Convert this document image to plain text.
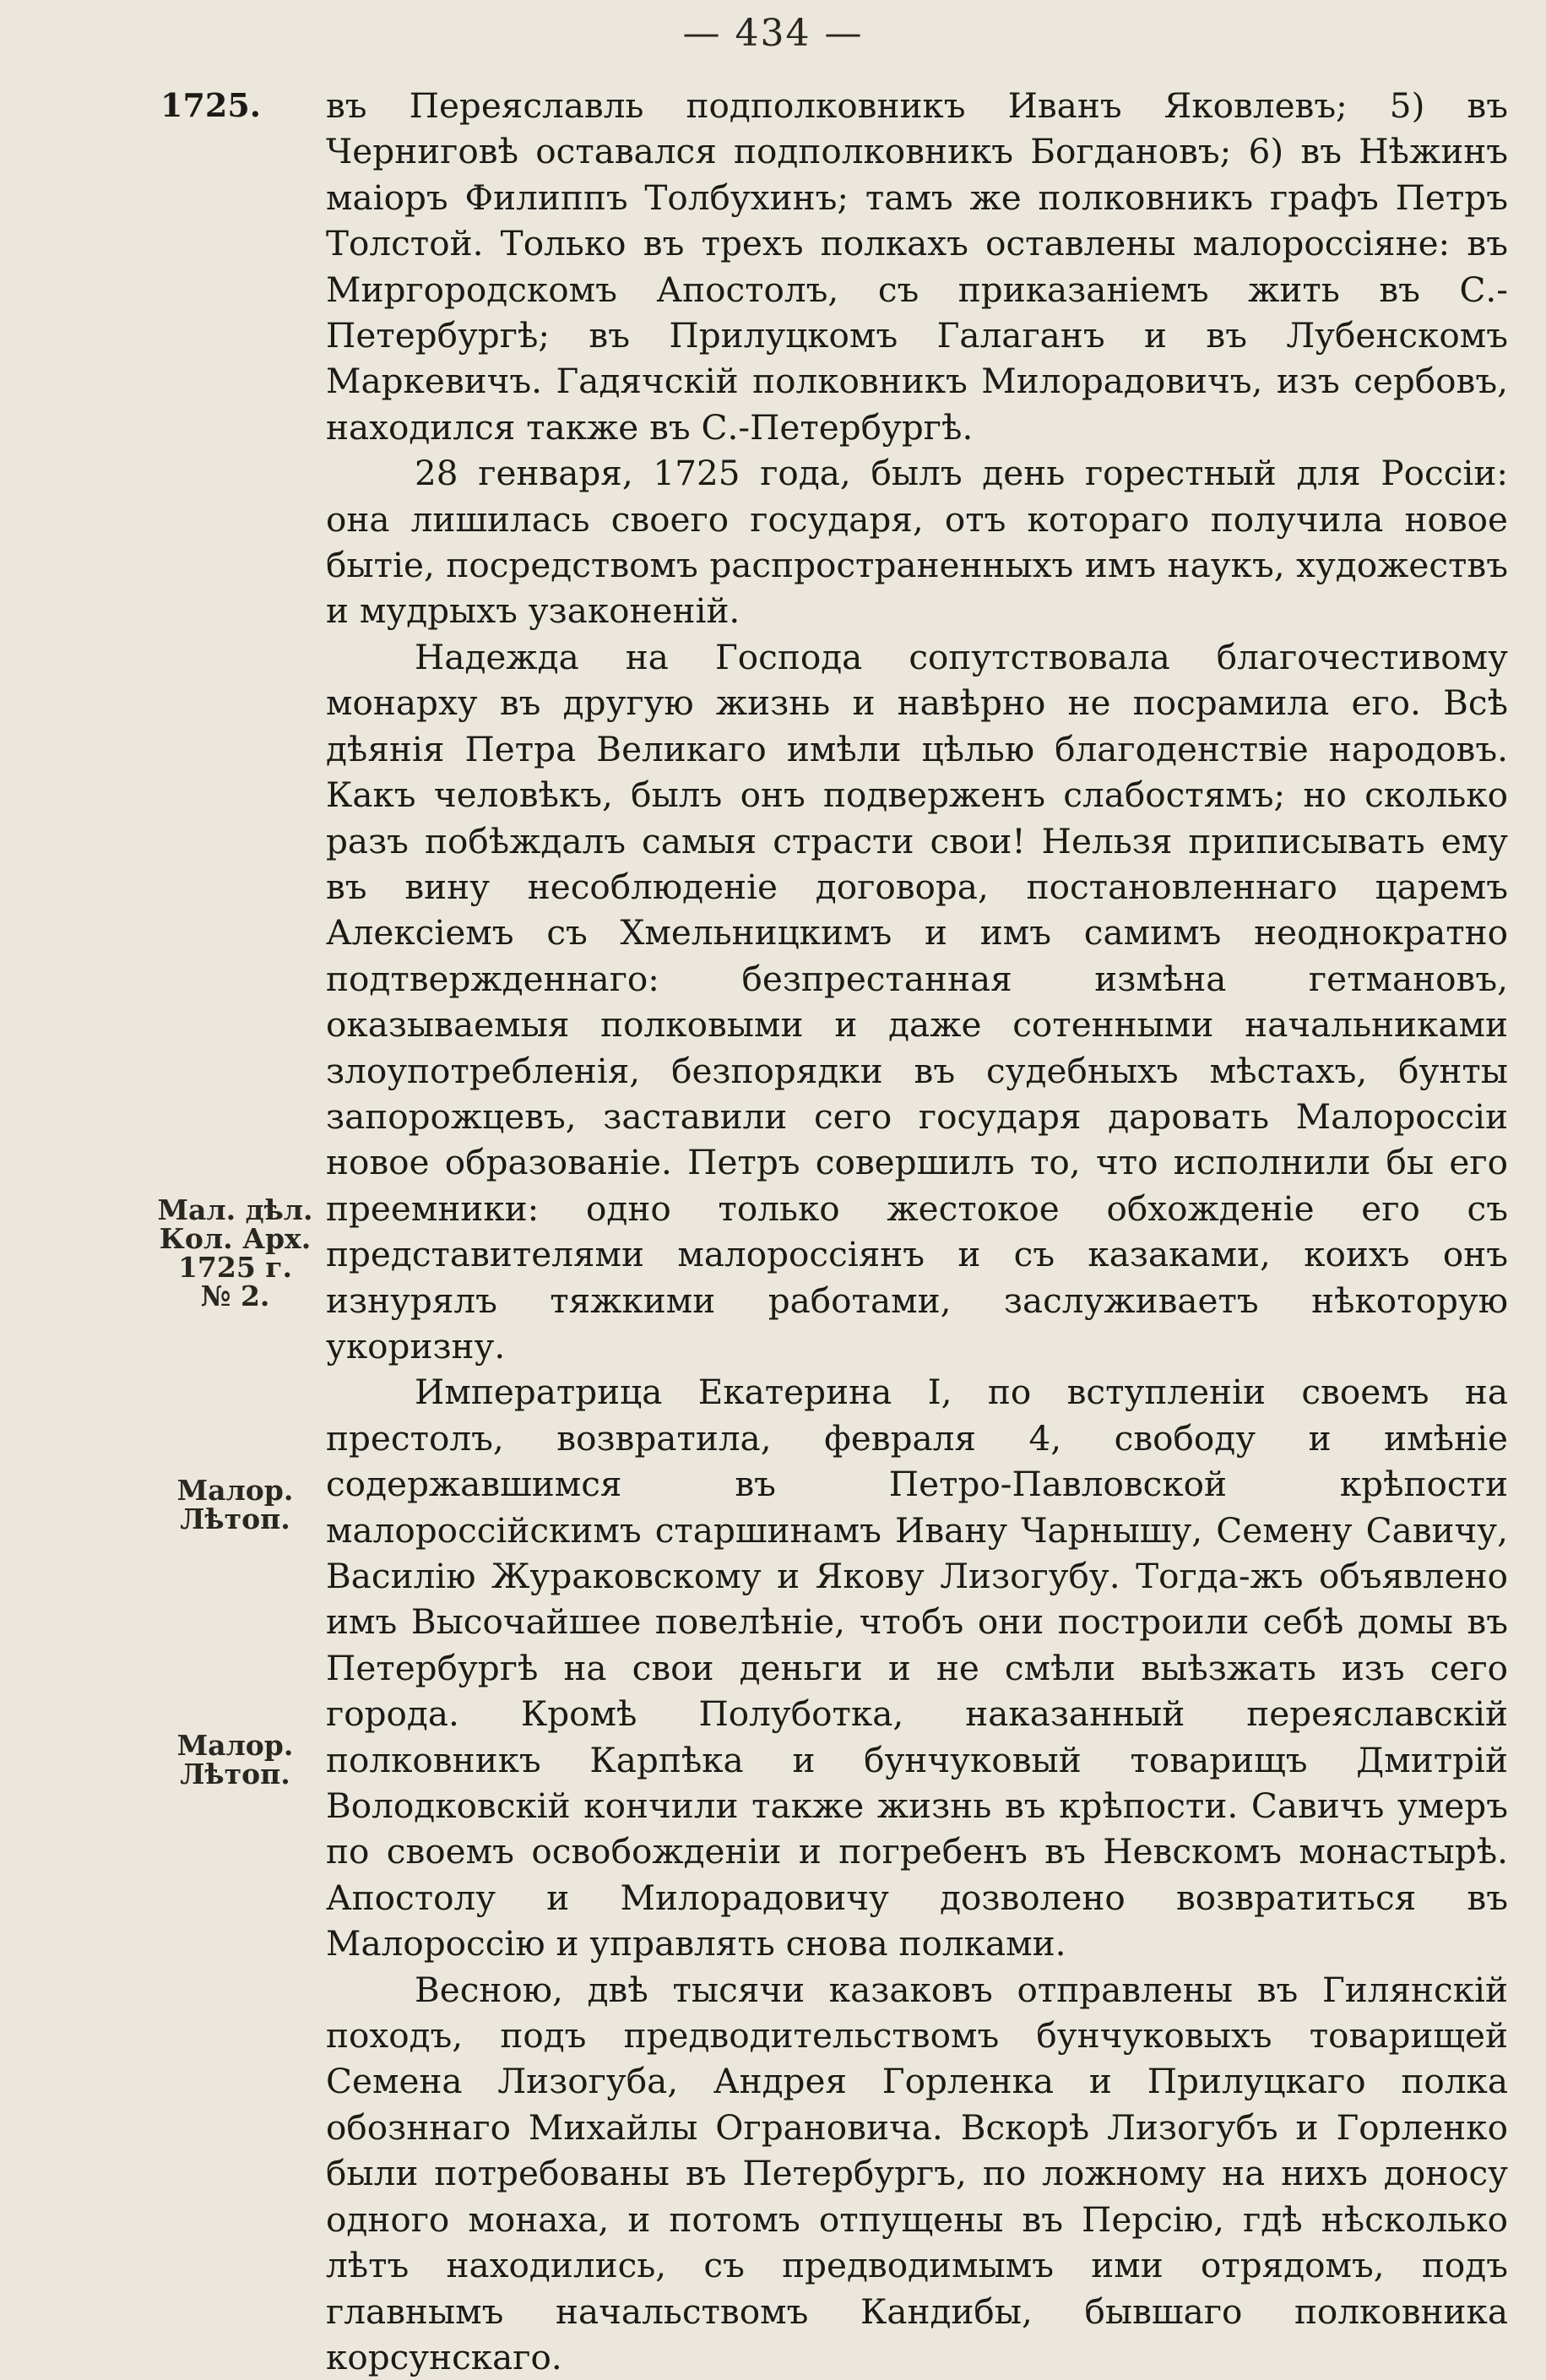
— 434 —
1725.
Мал. дѣл.
Кол. Арх.
1725 г.
№ 2.
Малор.
Лѣтоп.
Малор.
Лѣтоп.

въ Переяславль подполковникъ Иванъ Яковлевъ; 5) въ Черниговѣ оставался подполковникъ Богдановъ; 6) въ Нѣжинъ маіоръ Филиппъ Толбухинъ; тамъ же полковникъ графъ Петръ Толстой. Только въ трехъ полкахъ оставлены малороссіяне: въ Миргородскомъ Апостолъ, съ приказаніемъ жить въ С.-Петербургѣ; въ Прилуцкомъ Галаганъ и въ Лубенскомъ Маркевичъ. Гадячскій полковникъ Милорадовичъ, изъ сербовъ, находился также въ С.-Петербургѣ.

28 генваря, 1725 года, былъ день горестный для Россіи: она лишилась своего государя, отъ котораго получила новое бытіе, посредствомъ распространенныхъ имъ наукъ, художествъ и мудрыхъ узаконеній.

Надежда на Господа сопутствовала благочестивому монарху въ другую жизнь и навѣрно не посрамила его. Всѣ дѣянія Петра Великаго имѣли цѣлью благоденствіе народовъ. Какъ человѣкъ, былъ онъ подверженъ слабостямъ; но сколько разъ побѣждалъ самыя страсти свои! Нельзя приписывать ему въ вину несоблюденіе договора, постановленнаго царемъ Алексіемъ съ Хмельницкимъ и имъ самимъ неоднократно подтвержденнаго: безпрестанная измѣна гетмановъ, оказываемыя полковыми и даже сотенными начальниками злоупотребленія, безпорядки въ судебныхъ мѣстахъ, бунты запорожцевъ, заставили сего государя даровать Малороссіи новое образованіе. Петръ совершилъ то, что исполнили бы его преемники: одно только жестокое обхожденіе его съ представителями малороссіянъ и съ казаками, коихъ онъ изнурялъ тяжкими работами, заслуживаетъ нѣкоторую укоризну.

Императрица Екатерина I, по вступленіи своемъ на престолъ, возвратила, февраля 4, свободу и имѣніе содержавшимся въ Петро-Павловской крѣпости малороссійскимъ старшинамъ Ивану Чарнышу, Семену Савичу, Василію Жураковскому и Якову Лизогубу. Тогда-жъ объявлено имъ Высочайшее повелѣніе, чтобъ они построили себѣ домы въ Петербургѣ на свои деньги и не смѣли выѣзжать изъ сего города. Кромѣ Полуботка, наказанный переяславскій полковникъ Карпѣка и бунчуковый товарищъ Дмитрій Володковскій кончили также жизнь въ крѣпости. Савичъ умеръ по своемъ освобожденіи и погребенъ въ Невскомъ монастырѣ. Апостолу и Милорадовичу дозволено возвратиться въ Малороссію и управлять снова полками.

Весною, двѣ тысячи казаковъ отправлены въ Гилянскій походъ, подъ предводительствомъ бунчуковыхъ товарищей Семена Лизогуба, Андрея Горленка и Прилуцкаго полка обозннаго Михайлы Ограновича. Вскорѣ Лизогубъ и Горленко были потребованы въ Петербургъ, по ложному на нихъ доносу одного монаха, и потомъ отпущены въ Персію, гдѣ нѣсколько лѣтъ находились, съ предводимымъ ими отрядомъ, подъ главнымъ начальствомъ Кандибы, бывшаго полковника корсунскаго.
